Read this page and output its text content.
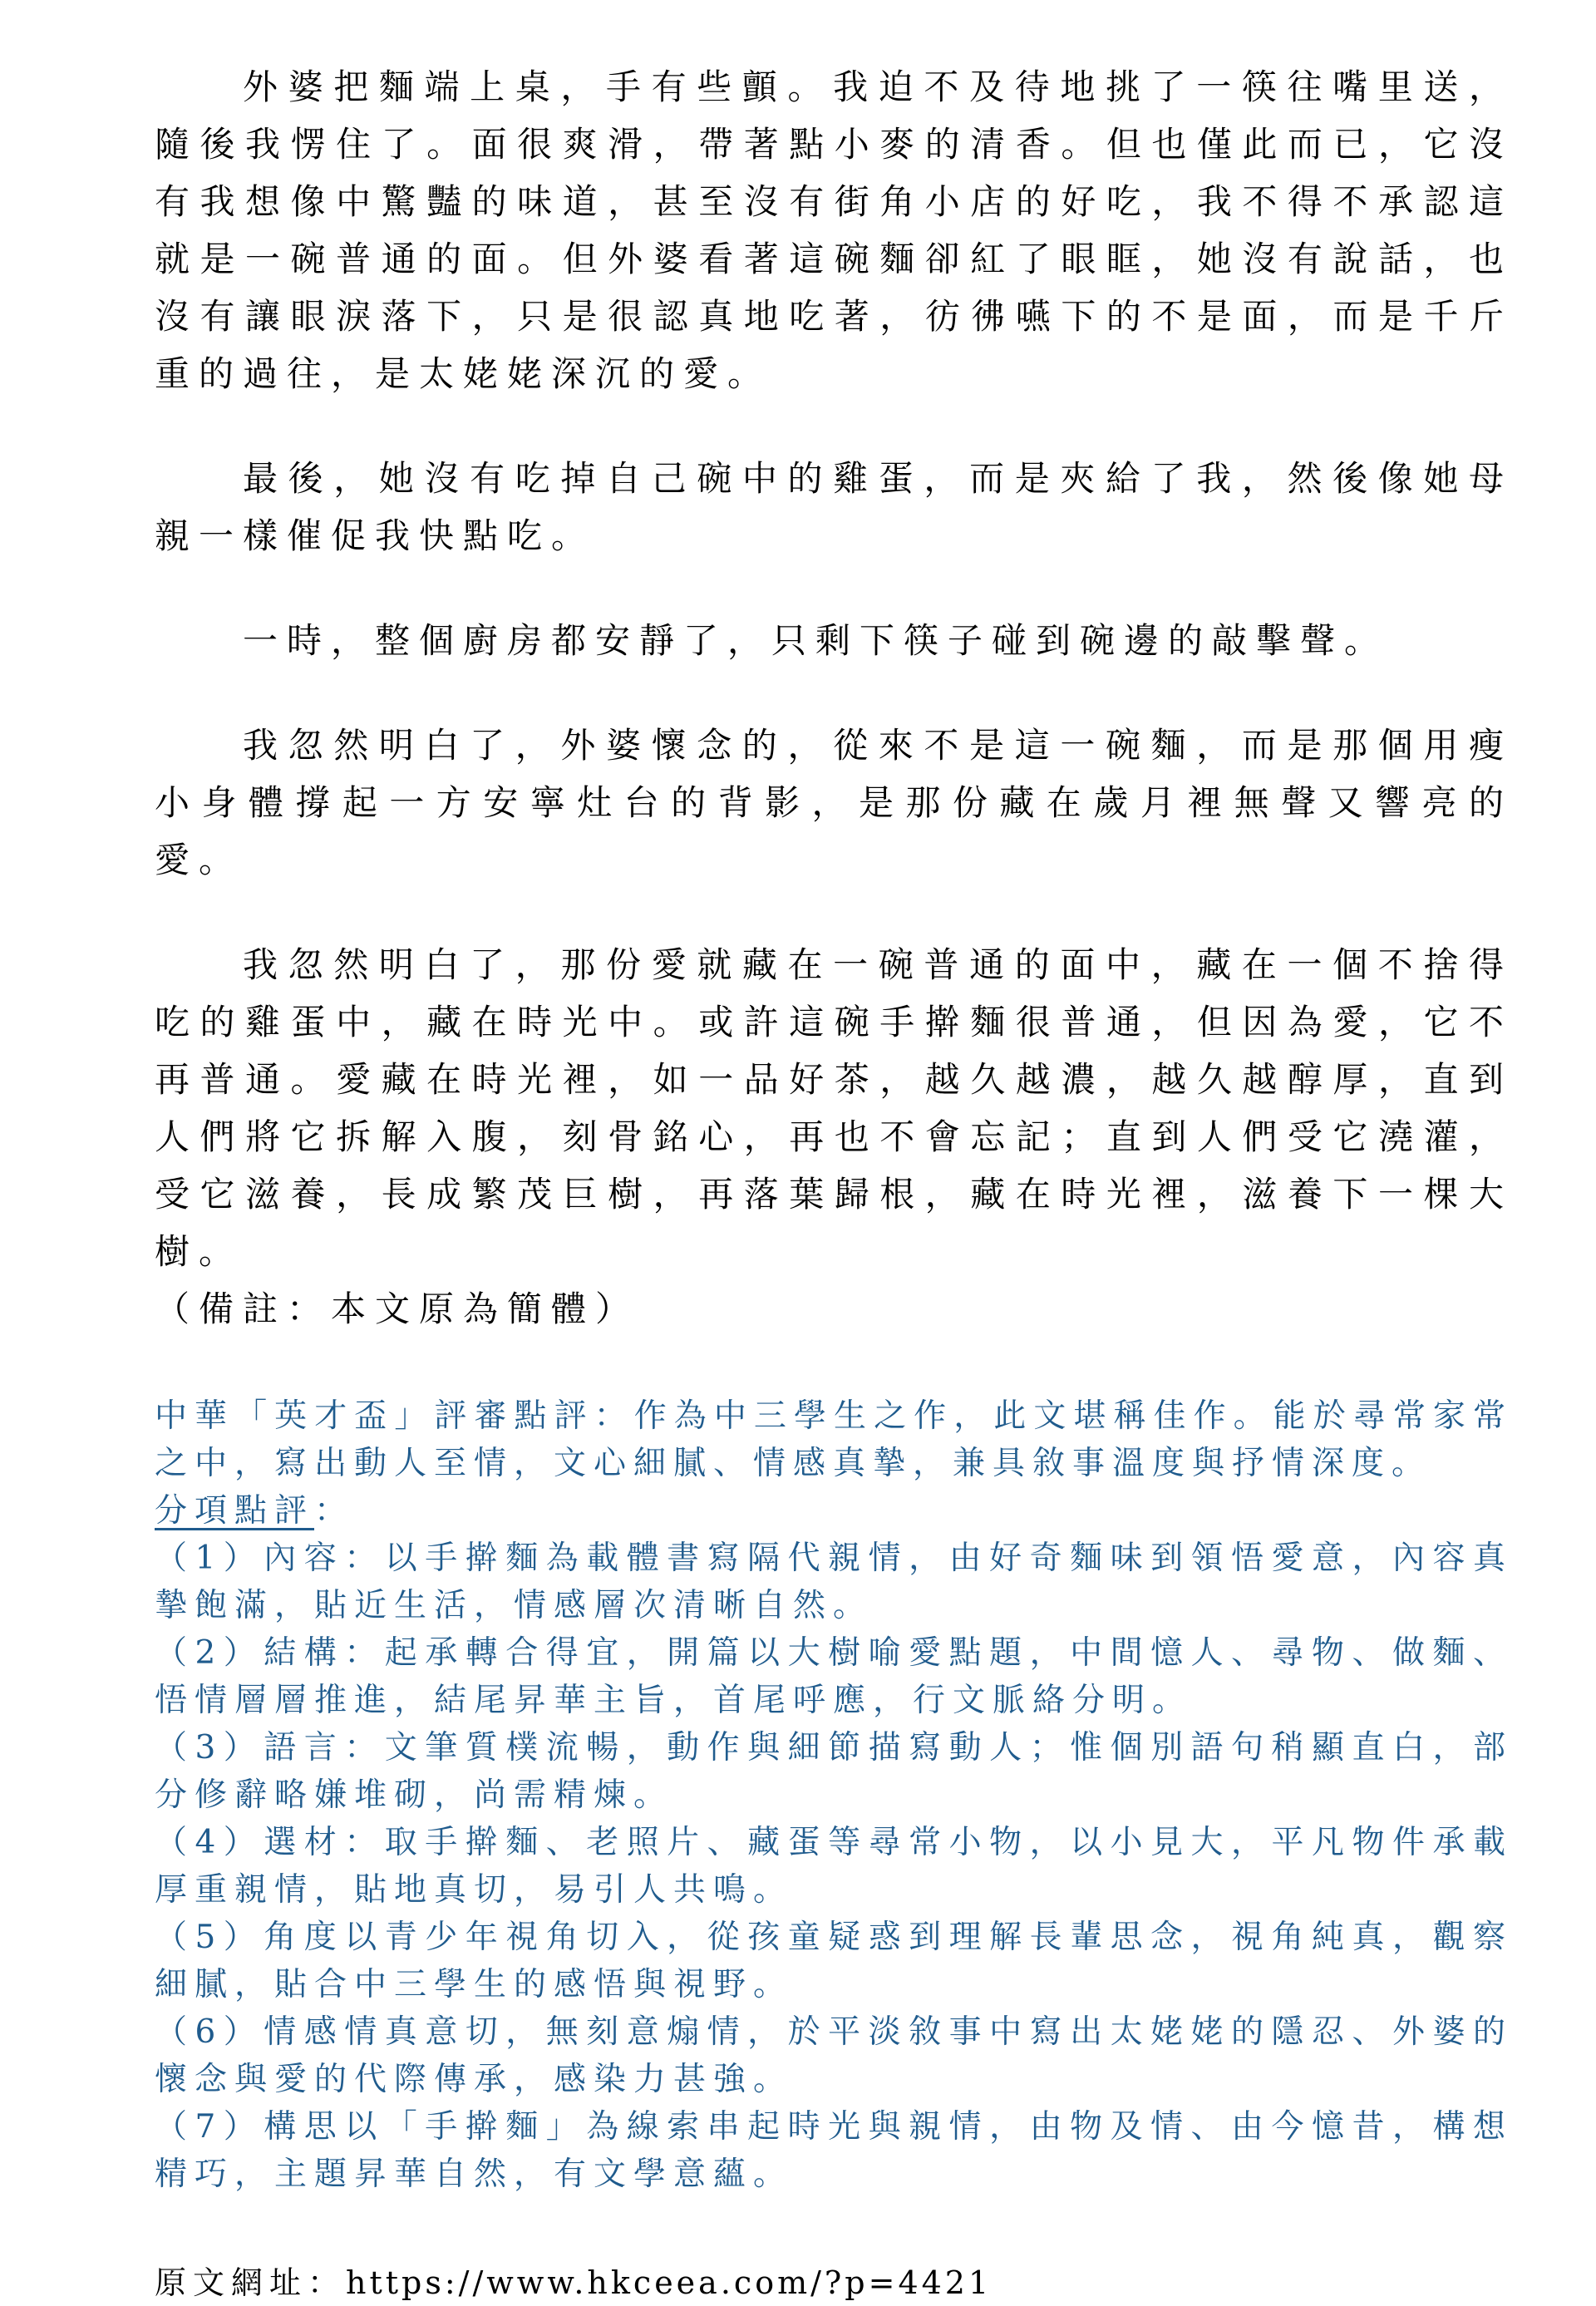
外婆把麵端上桌，手有些顫。我迫不及待地挑了一筷往嘴里送，隨後我愣住了。面很爽滑，帶著點小麥的清香。但也僅此而已，它沒有我想像中驚豔的味道，甚至沒有街角小店的好吃，我不得不承認這就是一碗普通的面。但外婆看著這碗麵卻紅了眼眶，她沒有說話，也沒有讓眼淚落下，只是很認真地吃著，彷彿嚥下的不是面，而是千斤重的過往，是太姥姥深沉的愛。

最後，她沒有吃掉自己碗中的雞蛋，而是夾給了我，然後像她母親一樣催促我快點吃。

一時，整個廚房都安靜了，只剩下筷子碰到碗邊的敲擊聲。

我忽然明白了，外婆懷念的，從來不是這一碗麵，而是那個用瘦小身體撐起一方安寧灶台的背影，是那份藏在歲月裡無聲又響亮的愛。

我忽然明白了，那份愛就藏在一碗普通的面中，藏在一個不捨得吃的雞蛋中，藏在時光中。或許這碗手擀麵很普通，但因為愛，它不再普通。愛藏在時光裡，如一品好茶，越久越濃，越久越醇厚，直到人們將它拆解入腹，刻骨銘心，再也不會忘記；直到人們受它澆灌，受它滋養，長成繁茂巨樹，再落葉歸根，藏在時光裡，滋養下一棵大樹。

（備註：本文原為簡體）

中華「英才盃」評審點評：作為中三學生之作，此文堪稱佳作。能於尋常家常之中，寫出動人至情，文心細膩、情感真摯，兼具敘事溫度與抒情深度。

分項點評：

（1）內容：以手擀麵為載體書寫隔代親情，由好奇麵味到領悟愛意，內容真摯飽滿，貼近生活，情感層次清晰自然。

（2）結構：起承轉合得宜，開篇以大樹喻愛點題，中間憶人、尋物、做麵、悟情層層推進，結尾昇華主旨，首尾呼應，行文脈絡分明。

（3）語言：文筆質樸流暢，動作與細節描寫動人；惟個別語句稍顯直白，部分修辭略嫌堆砌，尚需精煉。

（4）選材：取手擀麵、老照片、藏蛋等尋常小物，以小見大，平凡物件承載厚重親情，貼地真切，易引人共鳴。

（5）角度以青少年視角切入，從孩童疑惑到理解長輩思念，視角純真，觀察細膩，貼合中三學生的感悟與視野。

（6）情感情真意切，無刻意煽情，於平淡敘事中寫出太姥姥的隱忍、外婆的懷念與愛的代際傳承，感染力甚強。

（7）構思以「手擀麵」為線索串起時光與親情，由物及情、由今憶昔，構想精巧，主題昇華自然，有文學意蘊。

原文網址：https://www.hkceea.com/?p=4421
